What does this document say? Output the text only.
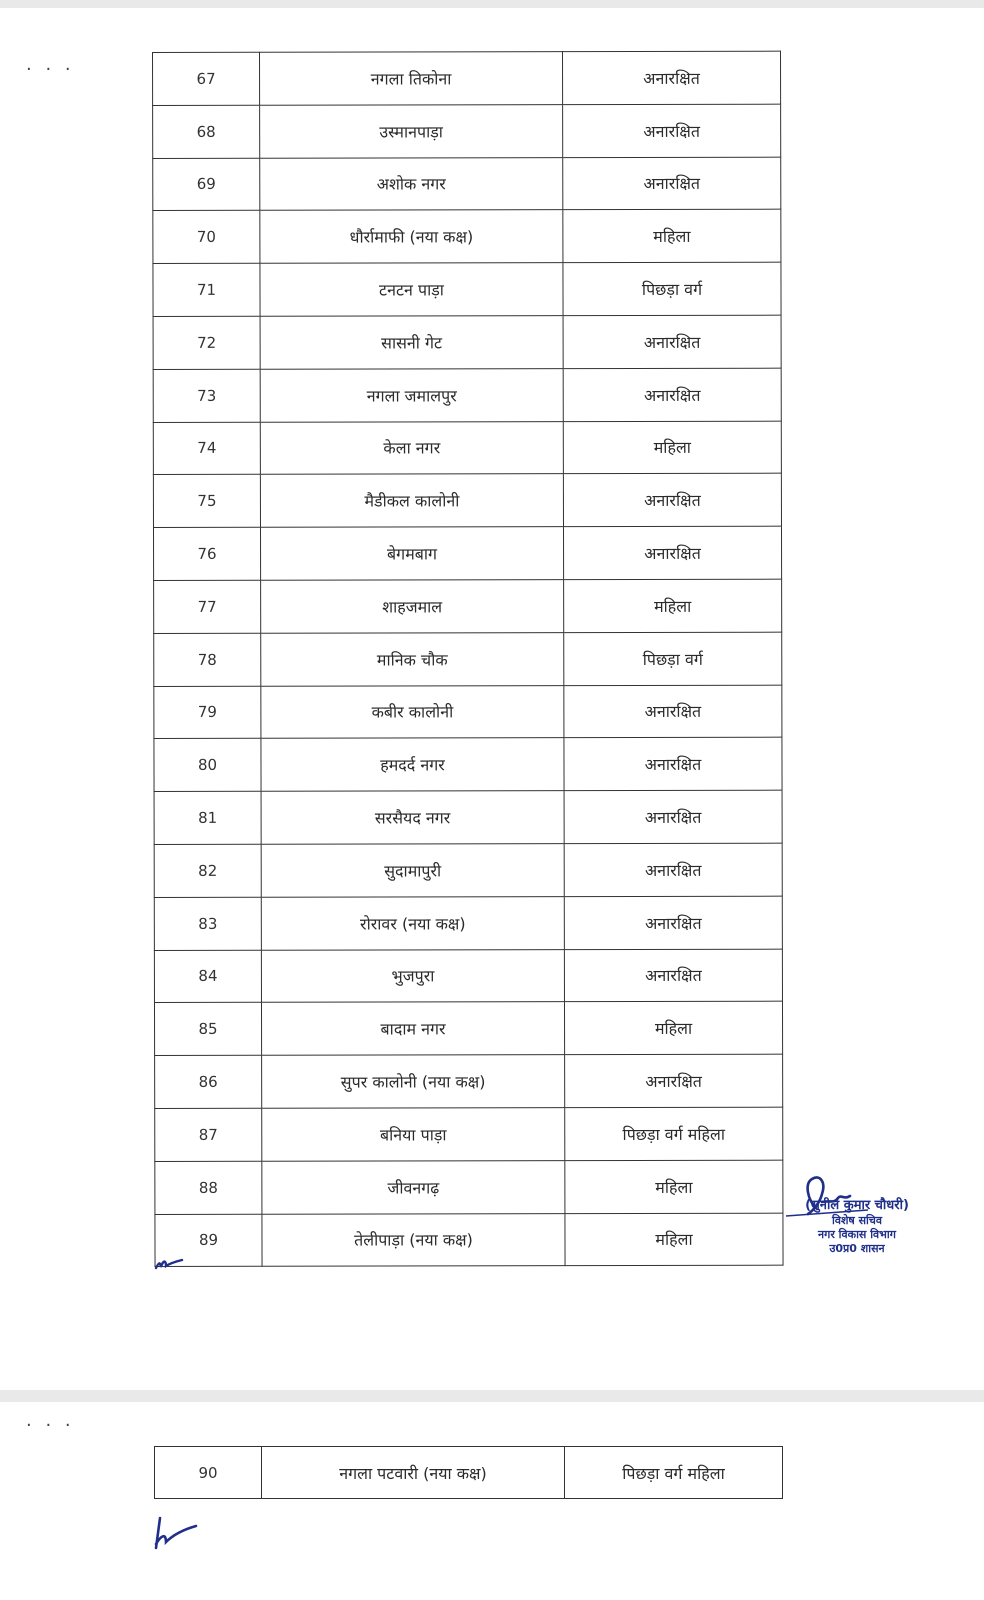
. . .
67	नगला तिकोना	अनारक्षित
68	उस्मानपाड़ा	अनारक्षित
69	अशोक नगर	अनारक्षित
70	धौर्रामाफी (नया कक्ष)	महिला
71	टनटन पाड़ा	पिछड़ा वर्ग
72	सासनी गेट	अनारक्षित
73	नगला जमालपुर	अनारक्षित
74	केला नगर	महिला
75	मैडीकल कालोनी	अनारक्षित
76	बेगमबाग	अनारक्षित
77	शाहजमाल	महिला
78	मानिक चौक	पिछड़ा वर्ग
79	कबीर कालोनी	अनारक्षित
80	हमदर्द नगर	अनारक्षित
81	सरसैयद नगर	अनारक्षित
82	सुदामापुरी	अनारक्षित
83	रोरावर (नया कक्ष)	अनारक्षित
84	भुजपुरा	अनारक्षित
85	बादाम नगर	महिला
86	सुपर कालोनी (नया कक्ष)	अनारक्षित
87	बनिया पाड़ा	पिछड़ा वर्ग महिला
88	जीवनगढ़	महिला
89	तेलीपाड़ा (नया कक्ष)	महिला
(सुनील कुमार चौधरी)
विशेष सचिव
नगर विकास विभाग
उ0प्र0 शासन
. . .
90	नगला पटवारी (नया कक्ष)	पिछड़ा वर्ग महिला
